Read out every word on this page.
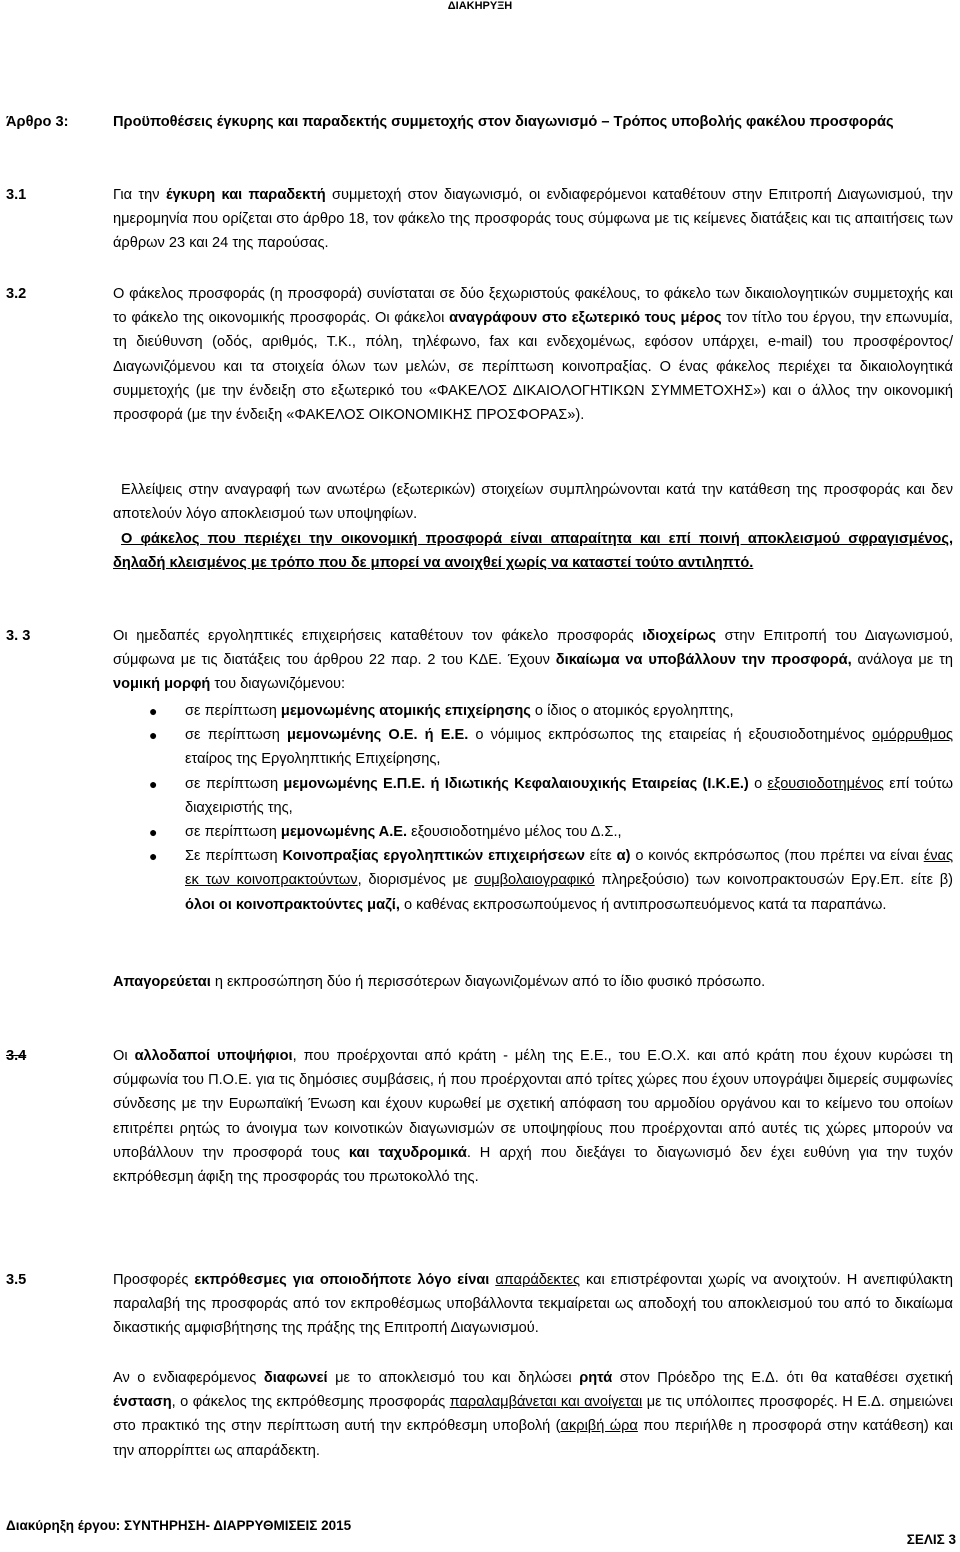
ΔΙΑΚΗΡΥΞΗ
Άρθρο 3:	Προϋποθέσεις έγκυρης και παραδεκτής συμμετοχής στον διαγωνισμό – Τρόπος υποβολής φακέλου προσφοράς
3.1	Για την έγκυρη και παραδεκτή συμμετοχή στον διαγωνισμό, οι ενδιαφερόμενοι καταθέτουν στην Επιτροπή Διαγωνισμού, την ημερομηνία που ορίζεται στο άρθρο 18, τον φάκελο της προσφοράς τους σύμφωνα με τις κείμενες διατάξεις και τις απαιτήσεις των άρθρων 23 και 24 της παρούσας.
3.2	Ο φάκελος προσφοράς (η προσφορά) συνίσταται σε δύο ξεχωριστούς φακέλους, το φάκελο των δικαιολογητικών συμμετοχής και το φάκελο της οικονομικής προσφοράς. Οι φάκελοι αναγράφουν στο εξωτερικό τους μέρος τον τίτλο του έργου, την επωνυμία, τη διεύθυνση (οδός, αριθμός, Τ.Κ., πόλη, τηλέφωνο, fax και ενδεχομένως, εφόσον υπάρχει, e-mail) του προσφέροντος/Διαγωνιζόμενου και τα στοιχεία όλων των μελών, σε περίπτωση κοινοπραξίας. Ο ένας φάκελος περιέχει τα δικαιολογητικά συμμετοχής (με την ένδειξη στο εξωτερικό του «ΦΑΚΕΛΟΣ ΔΙΚΑΙΟΛΟΓΗΤΙΚΩΝ ΣΥΜΜΕΤΟΧΗΣ») και ο άλλος την οικονομική προσφορά (με την ένδειξη «ΦΑΚΕΛΟΣ ΟΙΚΟΝΟΜΙΚΗΣ ΠΡΟΣΦΟΡΑΣ»).
Ελλείψεις στην αναγραφή των ανωτέρω (εξωτερικών) στοιχείων συμπληρώνονται κατά την κατάθεση της προσφοράς και δεν αποτελούν λόγο αποκλεισμού των υποψηφίων.
Ο φάκελος που περιέχει την οικονομική προσφορά είναι απαραίτητα και επί ποινή αποκλεισμού σφραγισμένος, δηλαδή κλεισμένος με τρόπο που δε μπορεί να ανοιχθεί χωρίς να καταστεί τούτο αντιληπτό.
3. 3	Οι ημεδαπές εργοληπτικές επιχειρήσεις καταθέτουν τον φάκελο προσφοράς ιδιοχείρως στην Επιτροπή του Διαγωνισμού, σύμφωνα με τις διατάξεις του άρθρου 22 παρ. 2 του ΚΔΕ. Έχουν δικαίωμα να υποβάλλουν την προσφορά, ανάλογα με τη νομική μορφή του διαγωνιζόμενου:
● σε περίπτωση μεμονωμένης ατομικής επιχείρησης ο ίδιος ο ατομικός εργοληπτης,
● σε περίπτωση μεμονωμένης Ο.Ε. ή Ε.Ε. ο νόμιμος εκπρόσωπος της εταιρείας ή εξουσιοδοτημένος ομόρρυθμος εταίρος της Εργοληπτικής Επιχείρησης,
● σε περίπτωση μεμονωμένης Ε.Π.Ε. ή Ιδιωτικής Κεφαλαιουχικής Εταιρείας (Ι.Κ.Ε.) ο εξουσιοδοτημένος επί τούτω διαχειριστής της,
● σε περίπτωση μεμονωμένης Α.Ε. εξουσιοδοτημένο μέλος του Δ.Σ.,
● Σε περίπτωση Κοινοπραξίας εργοληπτικών επιχειρήσεων είτε α) ο κοινός εκπρόσωπος (που πρέπει να είναι ένας εκ των κοινοπρακτούντων, διορισμένος με συμβολαιογραφικό πληρεξούσιο) των κοινοπρακτουσών Εργ.Επ. είτε β) όλοι οι κοινοπρακτούντες μαζί, ο καθένας εκπροσωπούμενος ή αντιπροσωπευόμενος κατά τα παραπάνω.
Απαγορεύεται η εκπροσώπηση δύο ή περισσότερων διαγωνιζομένων από το ίδιο φυσικό πρόσωπο.
3.4	Οι αλλοδαποί υποψήφιοι, που προέρχονται από κράτη - μέλη της Ε.Ε., του Ε.Ο.Χ. και από κράτη που έχουν κυρώσει τη σύμφωνία του Π.Ο.Ε. για τις δημόσιες συμβάσεις, ή που προέρχονται από τρίτες χώρες που έχουν υπογράψει διμερείς συμφωνίες σύνδεσης με την Ευρωπαϊκή Ένωση και έχουν κυρωθεί με σχετική απόφαση του αρμοδίου οργάνου και το κείμενο του οποίων επιτρέπει ρητώς το άνοιγμα των κοινοτικών διαγωνισμών σε υποψηφίους που προέρχονται από αυτές τις χώρες μπορούν να υποβάλλουν την προσφορά τους και ταχυδρομικά. Η αρχή που διεξάγει το διαγωνισμό δεν έχει ευθύνη για την τυχόν εκπρόθεσμη άφιξη της προσφοράς του πρωτοκολλό της.
3.5	Προσφορές εκπρόθεσμες για οποιοδήποτε λόγο είναι απαράδεκτες και επιστρέφονται χωρίς να ανοιχτούν. Η ανεπιφύλακτη παραλαβή της προσφοράς από τον εκπροθέσμως υποβάλλοντα τεκμαίρεται ως αποδοχή του αποκλεισμού του από το δικαίωμα δικαστικής αμφισβήτησης της πράξης της Επιτροπή Διαγωνισμού.
Αν ο ενδιαφερόμενος διαφωνεί με το αποκλεισμό του και δηλώσει ρητά στον Πρόεδρο της Ε.Δ. ότι θα καταθέσει σχετική ένσταση, ο φάκελος της εκπρόθεσμης προσφοράς παραλαμβάνεται και ανοίγεται με τις υπόλοιπες προσφορές. Η Ε.Δ. σημειώνει στο πρακτικό της στην περίπτωση αυτή την εκπρόθεσμη υποβολή (ακριβή ώρα που περιήλθε η προσφορά στην κατάθεση) και την απορρίπτει ως απαράδεκτη.
Διακύρηξη έργου: ΣΥΝΤΗΡΗΣΗ- ΔΙΑΡΡΥΘΜΙΣΕΙΣ 2015
ΣΕΛΙΣ 3
